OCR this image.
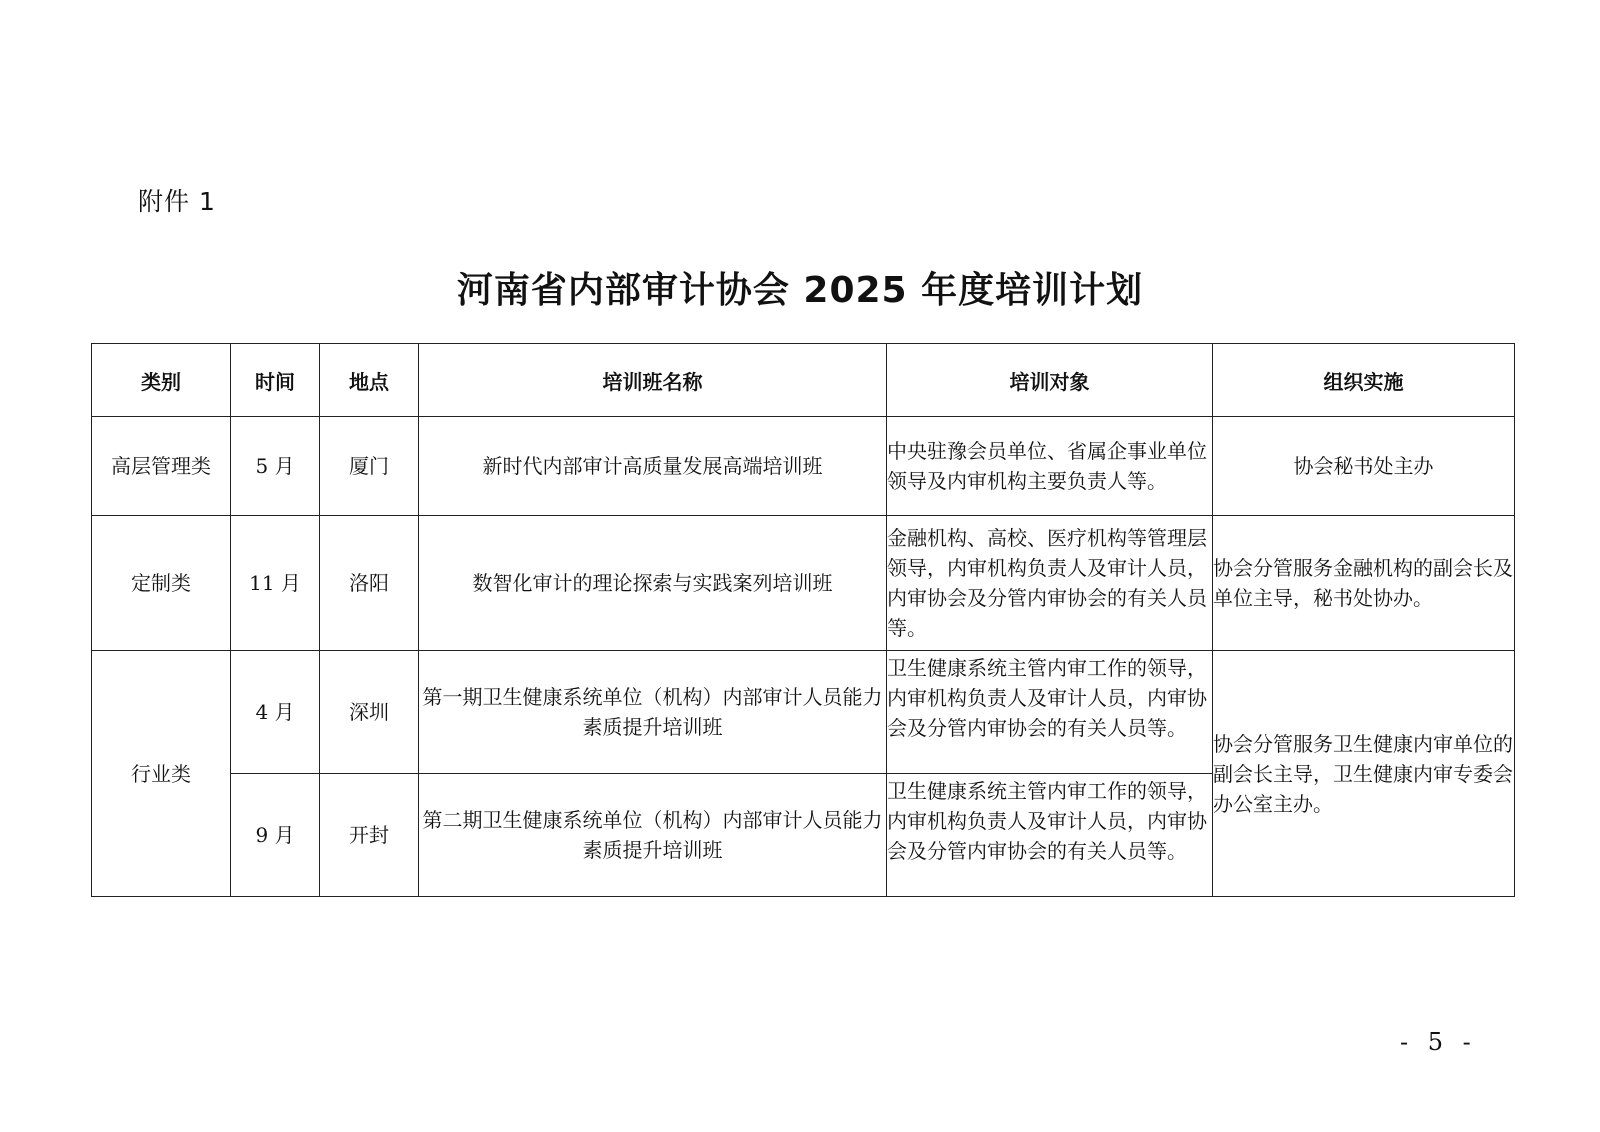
附件 1
河南省内部审计协会 2025 年度培训计划
类别	时间	地点	培训班名称	培训对象	组织实施
高层管理类	5 月	厦门	新时代内部审计高质量发展高端培训班	中央驻豫会员单位、省属企事业单位领导及内审机构主要负责人等。	协会秘书处主办
定制类	11 月	洛阳	数智化审计的理论探索与实践案列培训班	金融机构、高校、医疗机构等管理层领导，内审机构负责人及审计人员，内审协会及分管内审协会的有关人员等。	协会分管服务金融机构的副会长及单位主导，秘书处协办。
行业类	4 月	深圳	第一期卫生健康系统单位（机构）内部审计人员能力素质提升培训班	卫生健康系统主管内审工作的领导，内审机构负责人及审计人员，内审协会及分管内审协会的有关人员等。	协会分管服务卫生健康内审单位的副会长主导，卫生健康内审专委会办公室主办。
	9 月	开封	第二期卫生健康系统单位（机构）内部审计人员能力素质提升培训班	卫生健康系统主管内审工作的领导，内审机构负责人及审计人员，内审协会及分管内审协会的有关人员等。	
- 5 -
